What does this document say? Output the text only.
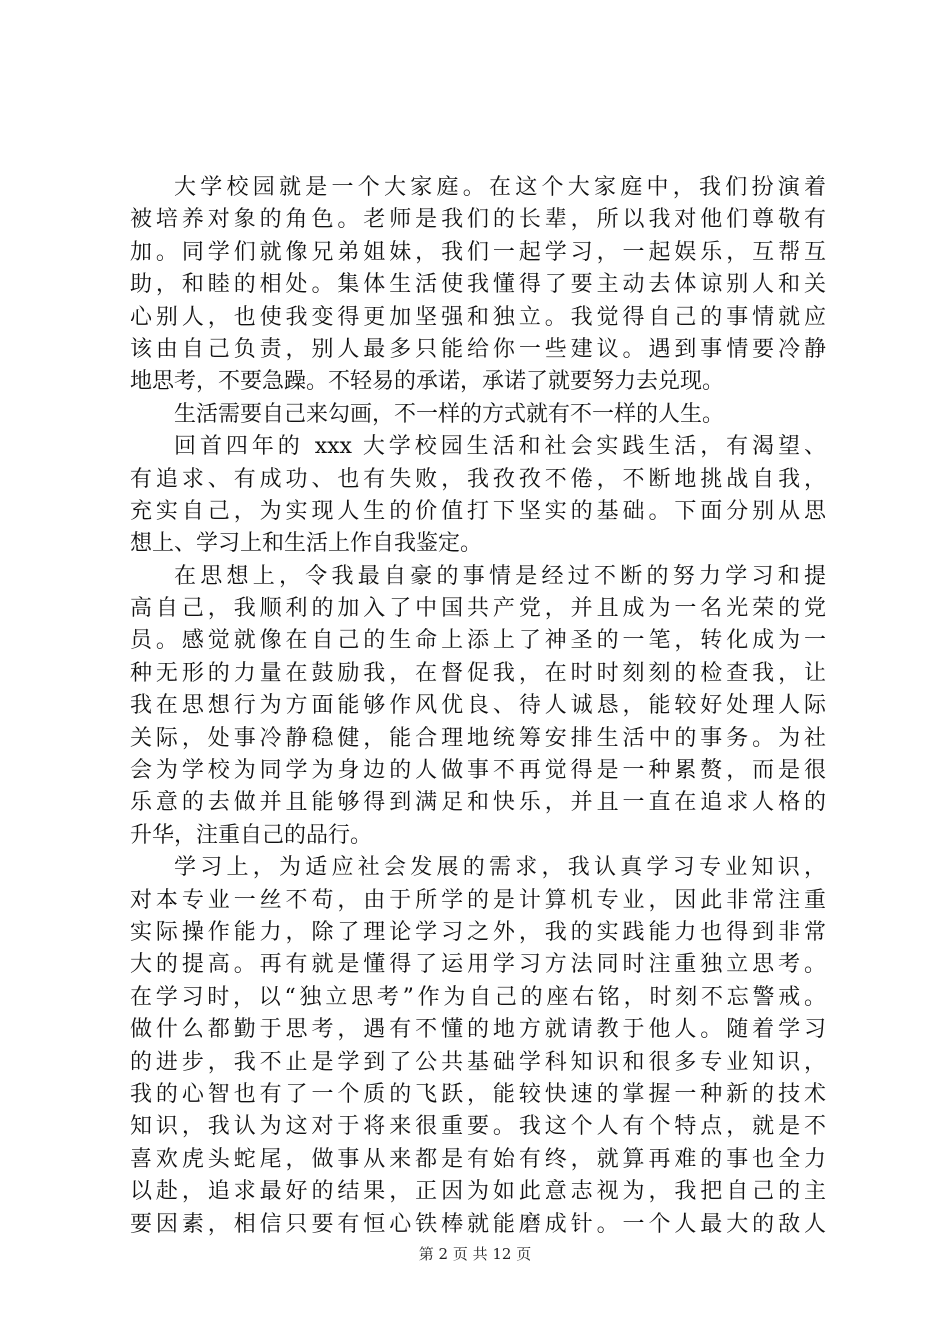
大学校园就是一个大家庭。在这个大家庭中，我们扮演着
被培养对象的角色。老师是我们的长辈，所以我对他们尊敬有
加。同学们就像兄弟姐妹，我们一起学习，一起娱乐，互帮互
助，和睦的相处。集体生活使我懂得了要主动去体谅别人和关
心别人，也使我变得更加坚强和独立。我觉得自己的事情就应
该由自己负责，别人最多只能给你一些建议。遇到事情要冷静
地思考，不要急躁。不轻易的承诺，承诺了就要努力去兑现。
生活需要自己来勾画，不一样的方式就有不一样的人生。
回首四年的 xxx 大学校园生活和社会实践生活，有渴望、
有追求、有成功、也有失败，我孜孜不倦，不断地挑战自我，
充实自己，为实现人生的价值打下坚实的基础。下面分别从思
想上、学习上和生活上作自我鉴定。
在思想上，令我最自豪的事情是经过不断的努力学习和提
高自己，我顺利的加入了中国共产党，并且成为一名光荣的党
员。感觉就像在自己的生命上添上了神圣的一笔，转化成为一
种无形的力量在鼓励我，在督促我，在时时刻刻的检查我，让
我在思想行为方面能够作风优良、待人诚恳，能较好处理人际
关际，处事冷静稳健，能合理地统筹安排生活中的事务。为社
会为学校为同学为身边的人做事不再觉得是一种累赘，而是很
乐意的去做并且能够得到满足和快乐，并且一直在追求人格的
升华，注重自己的品行。
学习上，为适应社会发展的需求，我认真学习专业知识，
对本专业一丝不苟，由于所学的是计算机专业，因此非常注重
实际操作能力，除了理论学习之外，我的实践能力也得到非常
大的提高。再有就是懂得了运用学习方法同时注重独立思考。
在学习时，以“独立思考”作为自己的座右铭，时刻不忘警戒。
做什么都勤于思考，遇有不懂的地方就请教于他人。随着学习
的进步，我不止是学到了公共基础学科知识和很多专业知识，
我的心智也有了一个质的飞跃，能较快速的掌握一种新的技术
知识，我认为这对于将来很重要。我这个人有个特点，就是不
喜欢虎头蛇尾，做事从来都是有始有终，就算再难的事也全力
以赴，追求最好的结果，正因为如此意志视为，我把自己的主
要因素，相信只要有恒心铁棒就能磨成针。一个人最大的敌人
第 2 页 共 12 页
